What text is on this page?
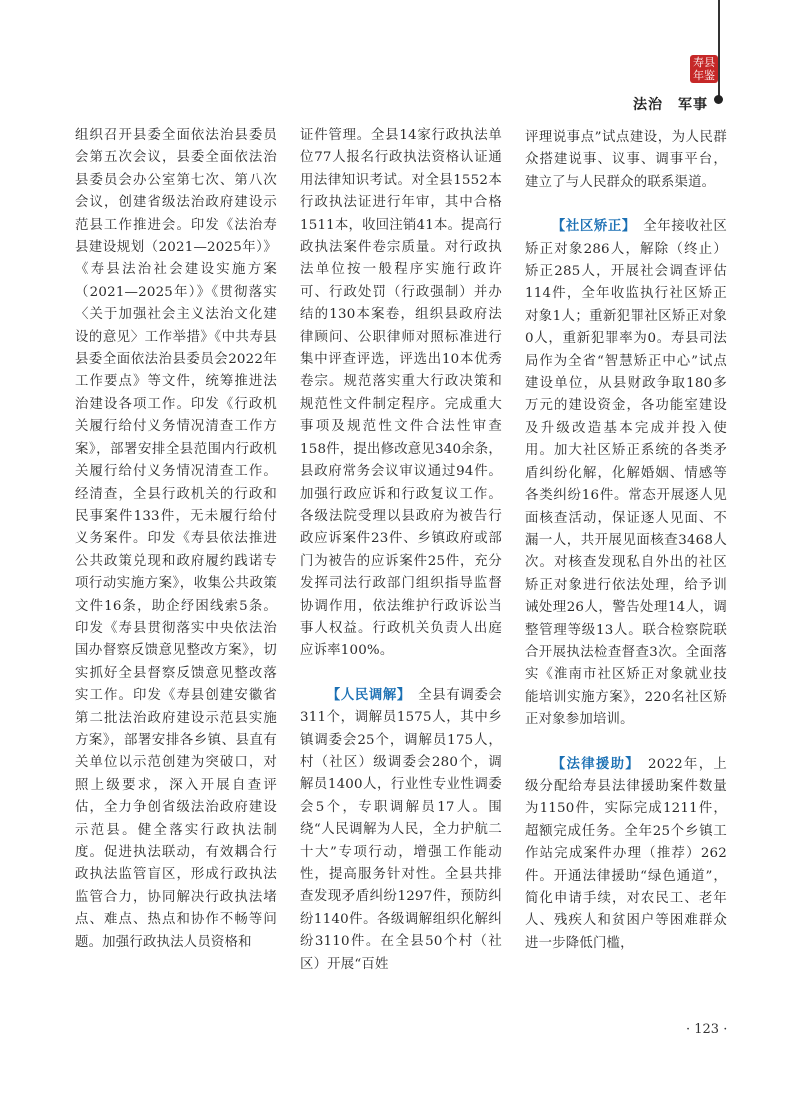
寿县
年鉴
法治　军事

组织召开县委全面依法治县委员会第五次会议，县委全面依法治县委员会办公室第七次、第八次会议，创建省级法治政府建设示范县工作推进会。印发《法治寿县建设规划（2021—2025年）》《寿县法治社会建设实施方案（2021—2025年）》《贯彻落实〈关于加强社会主义法治文化建设的意见〉工作举措》《中共寿县县委全面依法治县委员会2022年工作要点》等文件，统筹推进法治建设各项工作。印发《行政机关履行给付义务情况清查工作方案》，部署安排全县范围内行政机关履行给付义务情况清查工作。经清查，全县行政机关的行政和民事案件133件，无未履行给付义务案件。印发《寿县依法推进公共政策兑现和政府履约践诺专项行动实施方案》，收集公共政策文件16条，助企纾困线索5条。印发《寿县贯彻落实中央依法治国办督察反馈意见整改方案》，切实抓好全县督察反馈意见整改落实工作。印发《寿县创建安徽省第二批法治政府建设示范县实施方案》，部署安排各乡镇、县直有关单位以示范创建为突破口，对照上级要求，深入开展自查评估，全力争创省级法治政府建设示范县。健全落实行政执法制度。促进执法联动，有效耦合行政执法监管盲区，形成行政执法监管合力，协同解决行政执法堵点、难点、热点和协作不畅等问题。加强行政执法人员资格和

证件管理。全县14家行政执法单位77人报名行政执法资格认证通用法律知识考试。对全县1552本行政执法证进行年审，其中合格1511本，收回注销41本。提高行政执法案件卷宗质量。对行政执法单位按一般程序实施行政许可、行政处罚（行政强制）并办结的130本案卷，组织县政府法律顾问、公职律师对照标准进行集中评查评选，评选出10本优秀卷宗。规范落实重大行政决策和规范性文件制定程序。完成重大事项及规范性文件合法性审查158件，提出修改意见340余条，县政府常务会议审议通过94件。加强行政应诉和行政复议工作。各级法院受理以县政府为被告行政应诉案件23件、乡镇政府或部门为被告的应诉案件25件，充分发挥司法行政部门组织指导监督协调作用，依法维护行政诉讼当事人权益。行政机关负责人出庭应诉率100%。

【人民调解】　 全县有调委会311个，调解员1575人，其中乡镇调委会25个，调解员175人，村（社区）级调委会280个，调解员1400人，行业性专业性调委会5个，专职调解员17人。围绕“人民调解为人民，全力护航二十大”专项行动，增强工作能动性，提高服务针对性。全县共排查发现矛盾纠纷1297件，预防纠纷1140件。各级调解组织化解纠纷3110件。在全县50个村（社区）开展“百姓

评理说事点”试点建设，为人民群众搭建说事、议事、调事平台，建立了与人民群众的联系渠道。

【社区矫正】　 全年接收社区矫正对象286人，解除（终止）矫正285人，开展社会调查评估114件，全年收监执行社区矫正对象1人；重新犯罪社区矫正对象0人，重新犯罪率为0。寿县司法局作为全省“智慧矫正中心”试点建设单位，从县财政争取180多万元的建设资金，各功能室建设及升级改造基本完成并投入使用。加大社区矫正系统的各类矛盾纠纷化解，化解婚姻、情感等各类纠纷16件。常态开展逐人见面核查活动，保证逐人见面、不漏一人，共开展见面核查3468人次。对核查发现私自外出的社区矫正对象进行依法处理，给予训诫处理26人，警告处理14人，调整管理等级13人。联合检察院联合开展执法检查督查3次。全面落实《淮南市社区矫正对象就业技能培训实施方案》，220名社区矫正对象参加培训。

【法律援助】　 2022年，上级分配给寿县法律援助案件数量为1150件，实际完成1211件，超额完成任务。全年25个乡镇工作站完成案件办理（推荐）262件。开通法律援助“绿色通道”，简化申请手续，对农民工、老年人、残疾人和贫困户等困难群众进一步降低门槛，

· 123 ·
